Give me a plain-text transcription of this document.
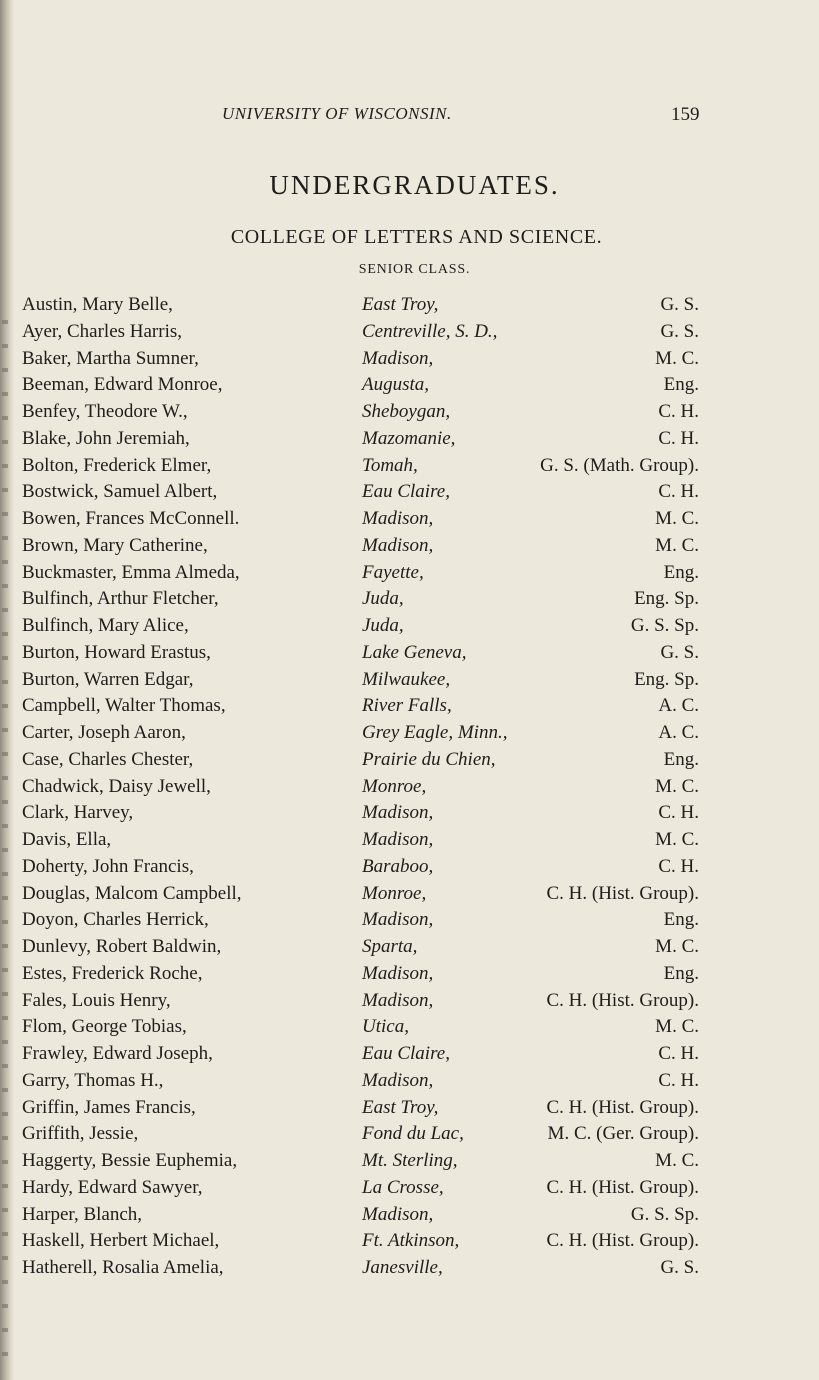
UNIVERSITY OF WISCONSIN.	159
UNDERGRADUATES.
COLLEGE OF LETTERS AND SCIENCE.
SENIOR CLASS.
Austin, Mary Belle,	East Troy,	G. S.
Ayer, Charles Harris,	Centreville, S. D.,	G. S.
Baker, Martha Sumner,	Madison,	M. C.
Beeman, Edward Monroe,	Augusta,	Eng.
Benfey, Theodore W.,	Sheboygan,	C. H.
Blake, John Jeremiah,	Mazomanie,	C. H.
Bolton, Frederick Elmer,	Tomah,	G. S. (Math. Group).
Bostwick, Samuel Albert,	Eau Claire,	C. H.
Bowen, Frances McConnell.	Madison,	M. C.
Brown, Mary Catherine,	Madison,	M. C.
Buckmaster, Emma Almeda,	Fayette,	Eng.
Bulfinch, Arthur Fletcher,	Juda,	Eng. Sp.
Bulfinch, Mary Alice,	Juda,	G. S. Sp.
Burton, Howard Erastus,	Lake Geneva,	G. S.
Burton, Warren Edgar,	Milwaukee,	Eng. Sp.
Campbell, Walter Thomas,	River Falls,	A. C.
Carter, Joseph Aaron,	Grey Eagle, Minn.,	A. C.
Case, Charles Chester,	Prairie du Chien,	Eng.
Chadwick, Daisy Jewell,	Monroe,	M. C.
Clark, Harvey,	Madison,	C. H.
Davis, Ella,	Madison,	M. C.
Doherty, John Francis,	Baraboo,	C. H.
Douglas, Malcom Campbell,	Monroe,	C. H. (Hist. Group).
Doyon, Charles Herrick,	Madison,	Eng.
Dunlevy, Robert Baldwin,	Sparta,	M. C.
Estes, Frederick Roche,	Madison,	Eng.
Fales, Louis Henry,	Madison,	C. H. (Hist. Group).
Flom, George Tobias,	Utica,	M. C.
Frawley, Edward Joseph,	Eau Claire,	C. H.
Garry, Thomas H.,	Madison,	C. H.
Griffin, James Francis,	East Troy,	C. H. (Hist. Group).
Griffith, Jessie,	Fond du Lac,	M. C. (Ger. Group).
Haggerty, Bessie Euphemia,	Mt. Sterling,	M. C.
Hardy, Edward Sawyer,	La Crosse,	C. H. (Hist. Group).
Harper, Blanch,	Madison,	G. S. Sp.
Haskell, Herbert Michael,	Ft. Atkinson,	C. H. (Hist. Group).
Hatherell, Rosalia Amelia,	Janesville,	G. S.
